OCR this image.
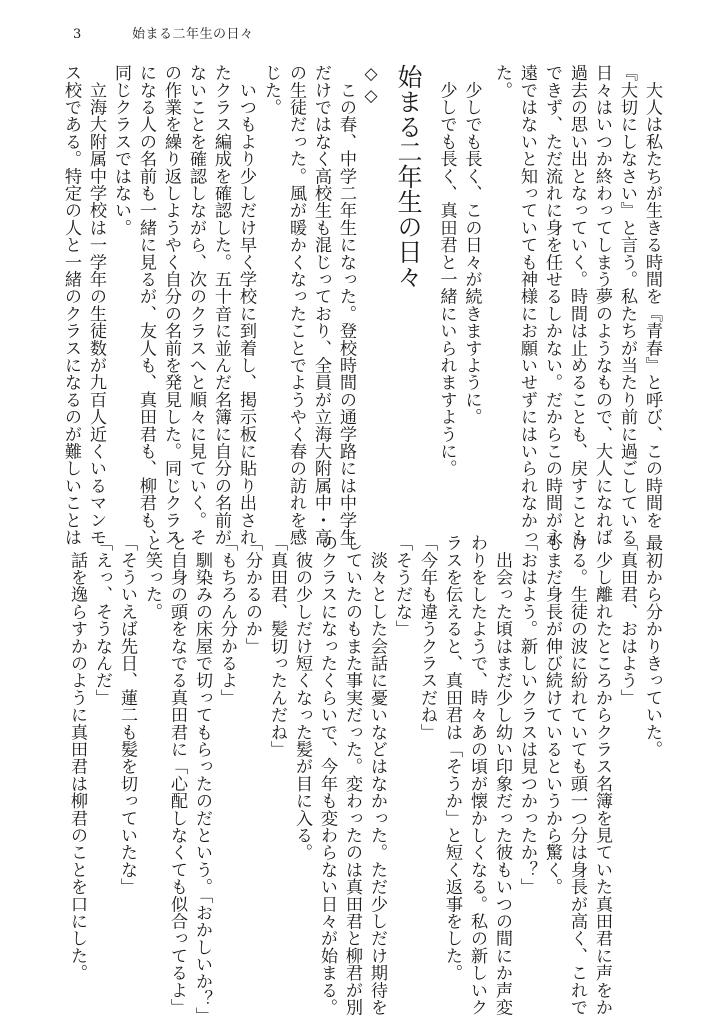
3	始まる二年生の日々
　大人は私たちが生きる時間を『青春』と呼び、この時間を
『大切にしなさい』と言う。私たちが当たり前に過ごしている
日々はいつか終わってしまう夢のようなもので、大人になれば
過去の思い出となっていく。時間は止めることも、戻すことも
できず、ただ流れに身を任せるしかない。だからこの時間が永
遠ではないと知っていても神様にお願いせずにはいられなかっ
た。
　少しでも長く、この日々が続きますように。
　少しでも長く、真田君と一緒にいられますように。
始まる二年生の日々
◇◇
　この春、中学二年生になった。登校時間の通学路には中学生
だけではなく高校生も混じっており、全員が立海大附属中・高
の生徒だった。風が暖かくなったことでようやく春の訪れを感
じた。
　いつもより少しだけ早く学校に到着し、掲示板に貼り出され
たクラス編成を確認した。五十音に並んだ名簿に自分の名前が
ないことを確認しながら、次のクラスへと順々に見ていく。そ
の作業を繰り返しようやく自分の名前を発見した。同じクラス
になる人の名前も一緒に見るが、友人も、真田君も、柳君も、
同じクラスではない。
　立海大附属中学校は一学年の生徒数が九百人近くいるマンモ
ス校である。特定の人と一緒のクラスになるのが難しいことは
最初から分かりきっていた。
「真田君、おはよう」
　少し離れたところからクラス名簿を見ていた真田君に声をか
ける。生徒の波に紛れていても頭一つ分は身長が高く、これで
もまだ身長が伸び続けているというから驚く。
「おはよう。新しいクラスは見つかったか？」
　出会った頃はまだ少し幼い印象だった彼もいつの間にか声変
わりをしたようで、時々あの頃が懐かしくなる。私の新しいク
ラスを伝えると、真田君は「そうか」と短く返事をした。
「今年も違うクラスだね」
「そうだな」
　淡々とした会話に憂いなどはなかった。ただ少しだけ期待を
していたのもまた事実だった。変わったのは真田君と柳君が別
のクラスになったくらいで、今年も変わらない日々が始まる。
　彼の少しだけ短くなった髪が目に入る。
「真田君、髪切ったんだね」
「分かるのか」
「もちろん分かるよ」
　馴染みの床屋で切ってもらったのだという。「おかしいか？」
と自身の頭をなでる真田君に「心配しなくても似合ってるよ」
と笑った。
「そういえば先日、蓮二も髪を切っていたな」
「えっ、そうなんだ」
　話を逸らすかのように真田君は柳君のことを口にした。
